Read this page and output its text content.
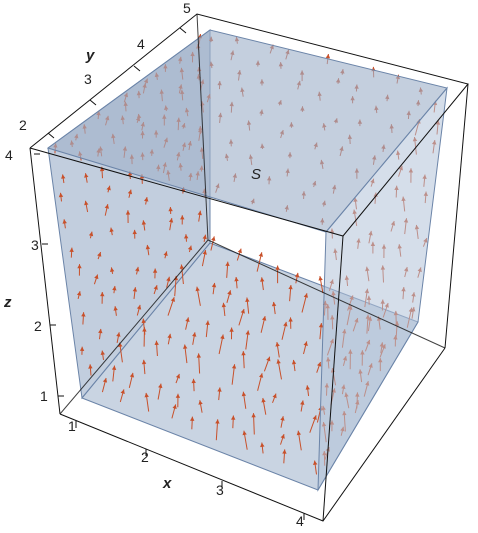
S
2
3
4
5
y
4
3
2
1
z
1
2
3
4
x
